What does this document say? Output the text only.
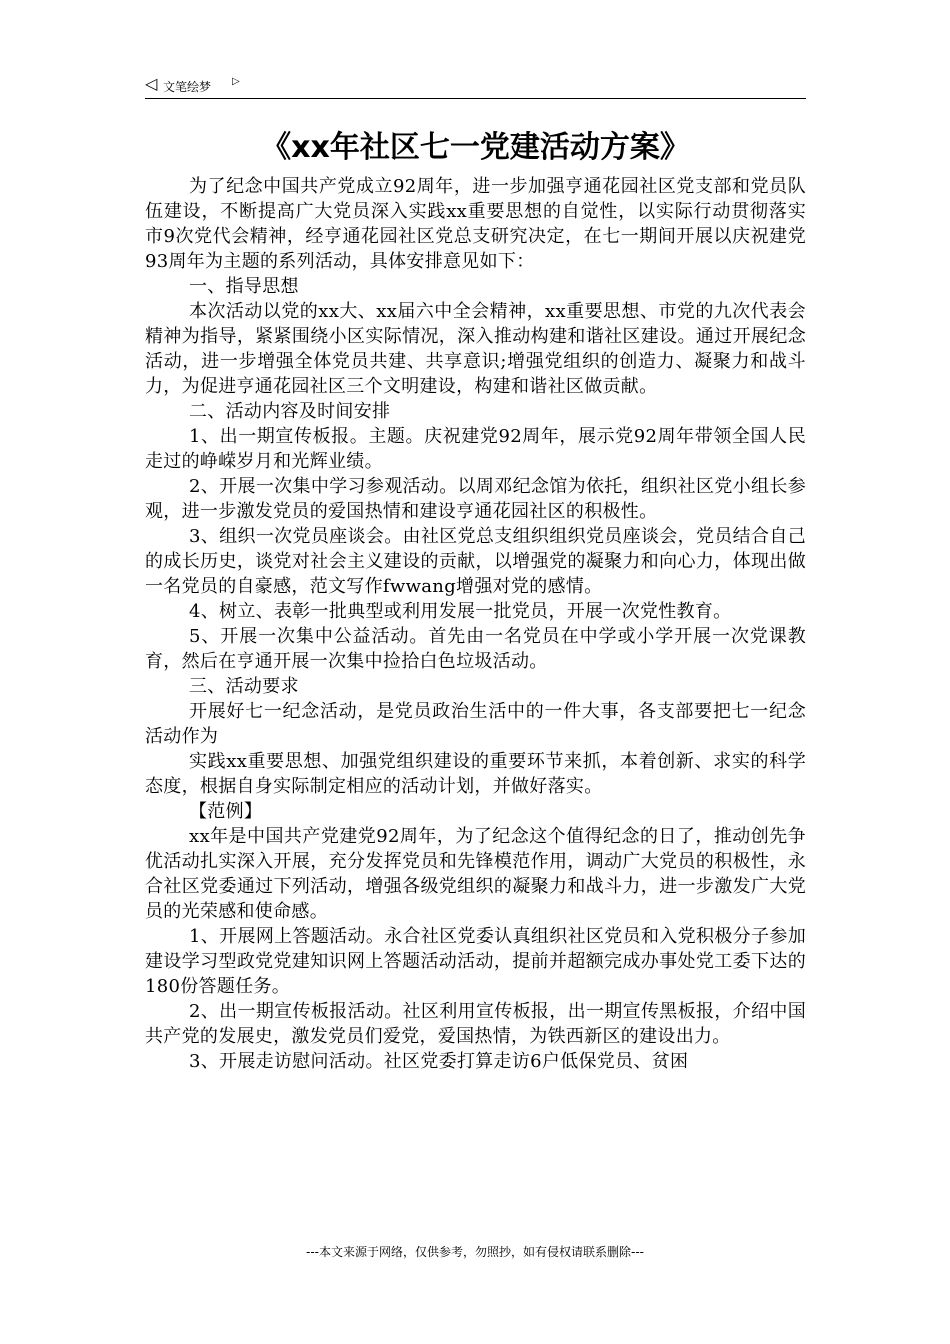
◁ 文笔绘梦 ▷
《xx年社区七一党建活动方案》

为了纪念中国共产党成立92周年，进一步加强亨通花园社区党支部和党员队伍建设，不断提高广大党员深入实践xx重要思想的自觉性，以实际行动贯彻落实市9次党代会精神，经亨通花园社区党总支研究决定，在七一期间开展以庆祝建党93周年为主题的系列活动，具体安排意见如下：

一、指导思想

本次活动以党的xx大、xx届六中全会精神，xx重要思想、市党的九次代表会精神为指导，紧紧围绕小区实际情况，深入推动构建和谐社区建设。通过开展纪念活动，进一步增强全体党员共建、共享意识;增强党组织的创造力、凝聚力和战斗力，为促进亨通花园社区三个文明建设，构建和谐社区做贡献。

二、活动内容及时间安排

1、出一期宣传板报。主题。庆祝建党92周年，展示党92周年带领全国人民走过的峥嵘岁月和光辉业绩。

2、开展一次集中学习参观活动。以周邓纪念馆为依托，组织社区党小组长参观，进一步激发党员的爱国热情和建设亨通花园社区的积极性。

3、组织一次党员座谈会。由社区党总支组织组织党员座谈会，党员结合自己的成长历史，谈党对社会主义建设的贡献，以增强党的凝聚力和向心力，体现出做一名党员的自豪感，范文写作fwwang增强对党的感情。

4、树立、表彰一批典型或利用发展一批党员，开展一次党性教育。

5、开展一次集中公益活动。首先由一名党员在中学或小学开展一次党课教育，然后在亨通开展一次集中捡拾白色垃圾活动。

三、活动要求

开展好七一纪念活动，是党员政治生活中的一件大事，各支部要把七一纪念活动作为

实践xx重要思想、加强党组织建设的重要环节来抓，本着创新、求实的科学态度，根据自身实际制定相应的活动计划，并做好落实。

【范例】

xx年是中国共产党建党92周年，为了纪念这个值得纪念的日了，推动创先争优活动扎实深入开展，充分发挥党员和先锋模范作用，调动广大党员的积极性，永合社区党委通过下列活动，增强各级党组织的凝聚力和战斗力，进一步激发广大党员的光荣感和使命感。

1、开展网上答题活动。永合社区党委认真组织社区党员和入党积极分子参加建设学习型政党党建知识网上答题活动活动，提前并超额完成办事处党工委下达的180份答题任务。

2、出一期宣传板报活动。社区利用宣传板报，出一期宣传黑板报，介绍中国共产党的发展史，激发党员们爱党，爱国热情，为铁西新区的建设出力。

3、开展走访慰问活动。社区党委打算走访6户低保党员、贫困

---本文来源于网络，仅供参考，勿照抄，如有侵权请联系删除---
